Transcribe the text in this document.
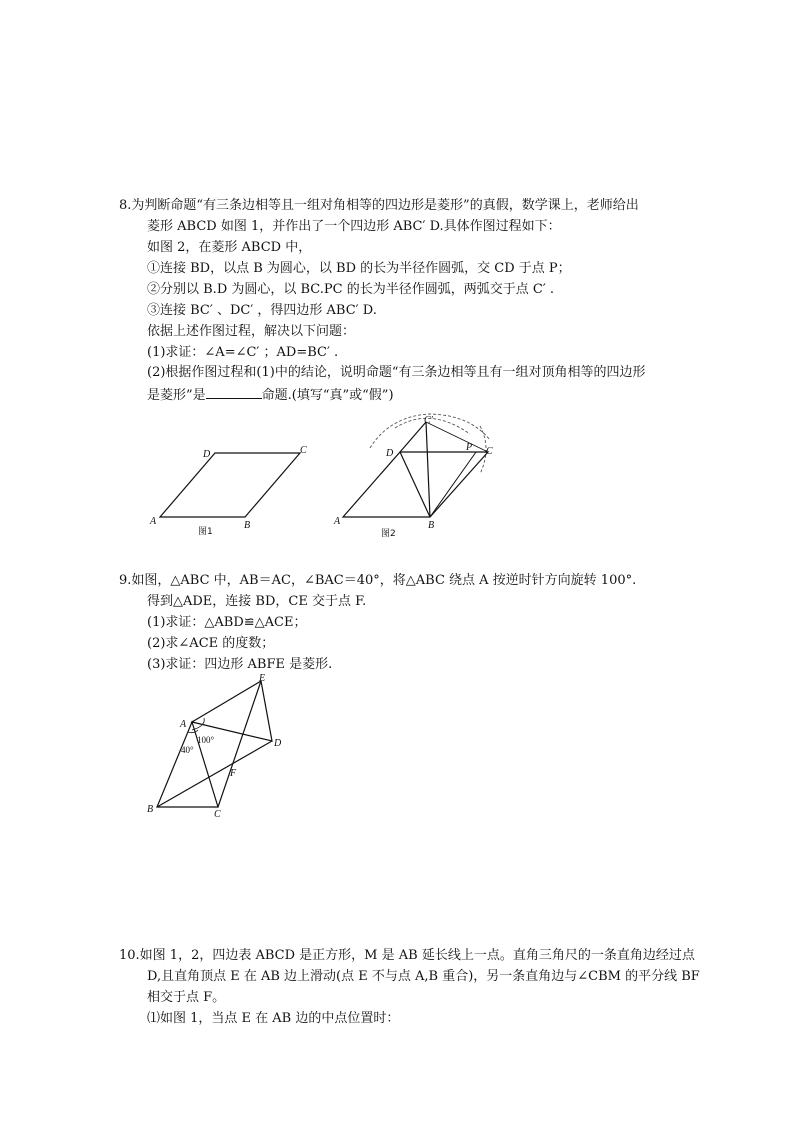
8.为判断命题“有三条边相等且一组对角相等的四边形是菱形”的真假，数学课上，老师给出
菱形 ABCD 如图 1，并作出了一个四边形 ABC′ D.具体作图过程如下：
如图 2，在菱形 ABCD 中，
①连接 BD，以点 B 为圆心，以 BD 的长为半径作圆弧，交 CD 于点 P；
②分别以 B.D 为圆心，以 BC.PC 的长为半径作圆弧，两弧交于点 C′ .
③连接 BC′ 、DC′ ，得四边形 ABC′ D.
依据上述作图过程，解决以下问题：
(1)求证：∠A=∠C′ ；AD=BC′ .
(2)根据作图过程和(1)中的结论，说明命题“有三条边相等且有一组对顶角相等的四边形
是菱形”是	命题.(填写“真”或“假”)
A	B
C
D
图1
A	B
C
D
P
C′
图2
9.如图，△ABC 中，AB＝AC，∠BAC＝40°，将△ABC 绕点 A 按逆时针方向旋转 100°.
得到△ADE，连接 BD，CE 交于点 F.
(1)求证：△ABD≌△ACE；
(2)求∠ACE 的度数；
(3)求证：四边形 ABFE 是菱形.
A
B	C
D
E
F
100°
40°
10.如图 1，2，四边表 ABCD 是正方形，M 是 AB 延长线上一点。直角三角尺的一条直角边经过点
D,且直角顶点 E 在 AB 边上滑动(点 E 不与点 A,B 重合)，另一条直角边与∠CBM 的平分线 BF
相交于点 F。
⑴如图 1，当点 E 在 AB 边的中点位置时：
